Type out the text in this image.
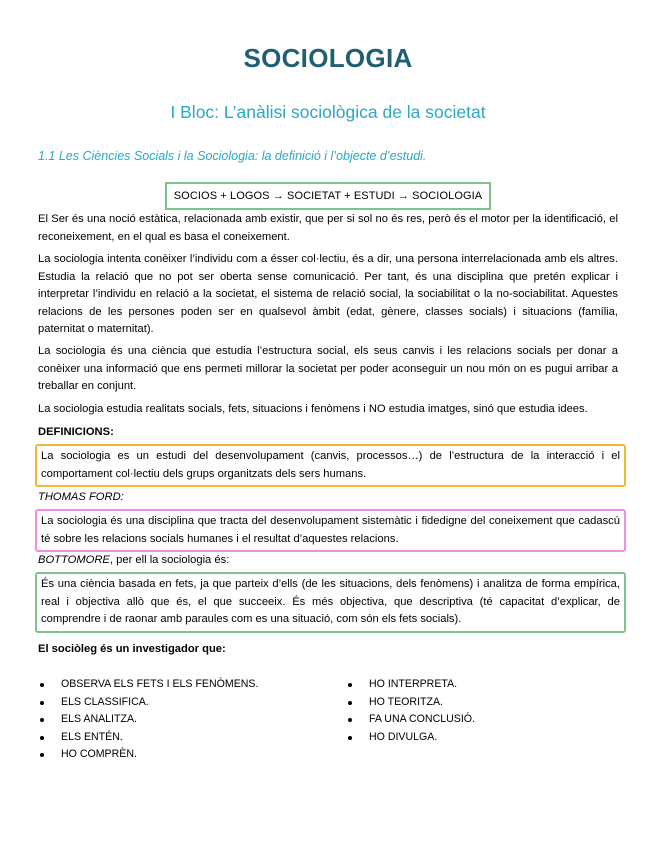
SOCIOLOGIA
I Bloc: L’anàlisi sociològica de la societat
1.1 Les Ciències Socials i la Sociologia: la definició i l’objecte d’estudi.
SOCIOS + LOGOS → SOCIETAT + ESTUDI → SOCIOLOGIA

El Ser és una noció estàtica, relacionada amb existir, que per si sol no és res, però és el motor per la identificació, el reconeixement, en el qual es basa el coneixement.

La sociologia intenta conèixer l’individu com a ésser col·lectiu, és a dir, una persona interrelacionada amb els altres. Estudia la relació que no pot ser oberta sense comunicació. Per tant, és una disciplina que pretén explicar i interpretar l’individu en relació a la societat, el sistema de relació social, la sociabilitat o la no-sociabilitat. Aquestes relacions de les persones poden ser en qualsevol àmbit (edat, gènere, classes socials) i situacions (família, paternitat o maternitat).

La sociologia és una ciència que estudia l’estructura social, els seus canvis i les relacions socials per donar a conèixer una informació que ens permeti millorar la societat per poder aconseguir un nou món on es pugui arribar a treballar en conjunt.

La sociologia estudia realitats socials, fets, situacions i fenòmens i NO estudia imatges, sinó que estudia idees.

DEFINICIONS:

La sociologia es un estudi del desenvolupament (canvis, processos…) de l’estructura de la interacció i el comportament col·lectiu dels grups organitzats dels sers humans.

THOMAS FORD:

La sociologia és una disciplina que tracta del desenvolupament sistemàtic i fidedigne del coneixement que cadascú té sobre les relacions socials humanes i el resultat d’aquestes relacions.

BOTTOMORE, per ell la sociologia és:

És una ciència basada en fets, ja que parteix d’ells (de les situacions, dels fenòmens) i analitza de forma empírica, real i objectiva allò que és, el que succeeix. És més objectiva, que descriptiva (té capacitat d’explicar, de comprendre i de raonar amb paraules com es una situació, com són els fets socials).

El sociòleg és un investigador que:

OBSERVA ELS FETS I ELS FENÒMENS.
ELS CLASSIFICA.
ELS ANALITZA.
ELS ENTÉN.
HO COMPRÈN.
HO INTERPRETA.
HO TEORITZA.
FA UNA CONCLUSIÓ.
HO DIVULGA.
